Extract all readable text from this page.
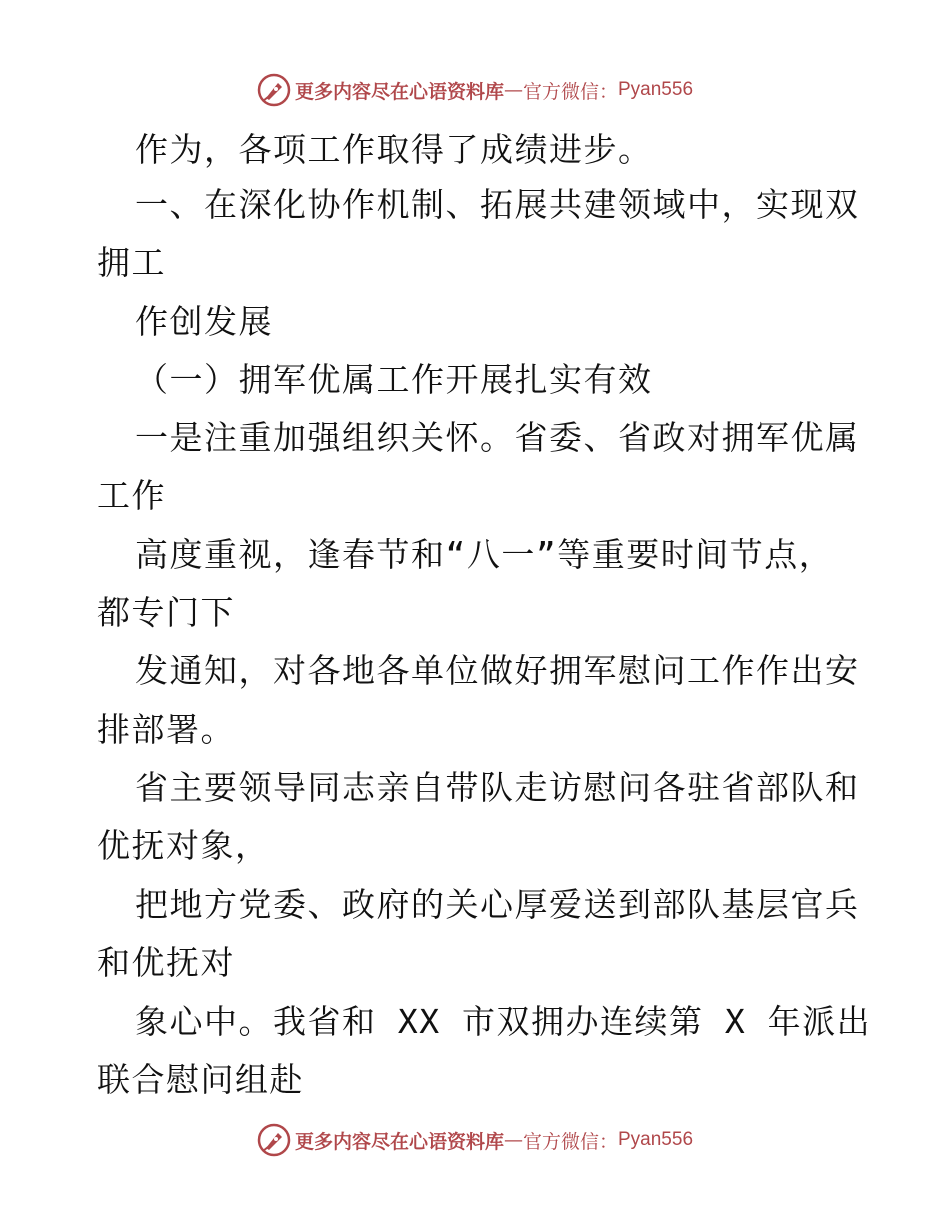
更多内容尽在心语资料库 — 官方微信： Pyan556
作为，各项工作取得了成绩进步。
一、在深化协作机制、拓展共建领域中，实现双
拥工
作创发展
（一）拥军优属工作开展扎实有效
一是注重加强组织关怀。省委、省政对拥军优属
工作
高度重视，逢春节和“八一”等重要时间节点，
都专门下
发通知，对各地各单位做好拥军慰问工作作出安
排部署。
省主要领导同志亲自带队走访慰问各驻省部队和
优抚对象，
把地方党委、政府的关心厚爱送到部队基层官兵
和优抚对
象心中。我省和 XX 市双拥办连续第 X 年派出
联合慰问组赴
更多内容尽在心语资料库 — 官方微信： Pyan556
